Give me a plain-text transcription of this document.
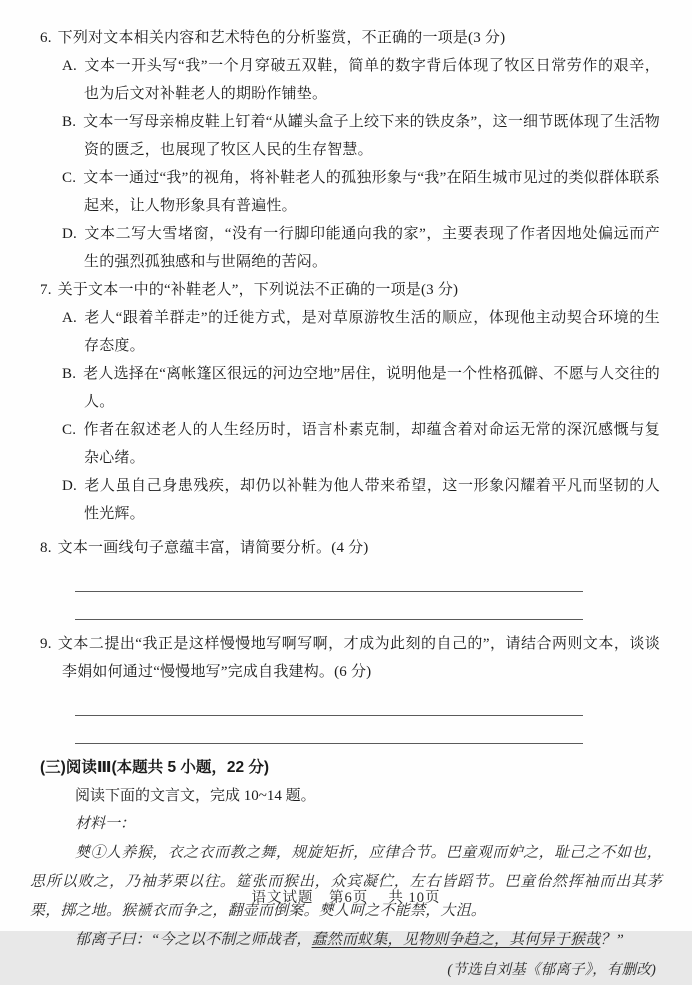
6. 下列对文本相关内容和艺术特色的分析鉴赏，不正确的一项是(3 分)

A. 文本一开头写“我”一个月穿破五双鞋，简单的数字背后体现了牧区日常劳作的艰辛，也为后文对补鞋老人的期盼作铺垫。

B. 文本一写母亲棉皮鞋上钉着“从罐头盒子上绞下来的铁皮条”，这一细节既体现了生活物资的匮乏，也展现了牧区人民的生存智慧。

C. 文本一通过“我”的视角，将补鞋老人的孤独形象与“我”在陌生城市见过的类似群体联系起来，让人物形象具有普遍性。

D. 文本二写大雪堵窗，“没有一行脚印能通向我的家”，主要表现了作者因地处偏远而产生的强烈孤独感和与世隔绝的苦闷。

7. 关于文本一中的“补鞋老人”，下列说法不正确的一项是(3 分)

A. 老人“跟着羊群走”的迁徙方式，是对草原游牧生活的顺应，体现他主动契合环境的生存态度。

B. 老人选择在“离帐篷区很远的河边空地”居住，说明他是一个性格孤僻、不愿与人交往的人。

C. 作者在叙述老人的人生经历时，语言朴素克制，却蕴含着对命运无常的深沉感慨与复杂心绪。

D. 老人虽自己身患残疾，却仍以补鞋为他人带来希望，这一形象闪耀着平凡而坚韧的人性光辉。

8. 文本一画线句子意蕴丰富，请简要分析。(4 分)

9. 文本二提出“我正是这样慢慢地写啊写啊，才成为此刻的自己的”，请结合两则文本，谈谈李娟如何通过“慢慢地写”完成自我建构。(6 分)

(三)阅读Ⅲ(本题共 5 小题，22 分)

阅读下面的文言文，完成 10~14 题。

材料一：

僰①人养猴，衣之衣而教之舞，规旋矩折，应律合节。巴童观而妒之，耻己之不如也，思所以败之，乃袖茅栗以往。筵张而猴出，众宾凝伫，左右皆蹈节。巴童佁然挥袖而出其茅栗，掷之地。猴褫衣而争之，翻壶而倒案。僰人呵之不能禁，大沮。

郁离子曰：“今之以不制之师战者，蠢然而蚁集，见物则争趋之，其何异于猴哉？”

(节选自刘基《郁离子》，有删改)

语文试题　第6页　 共 10页
